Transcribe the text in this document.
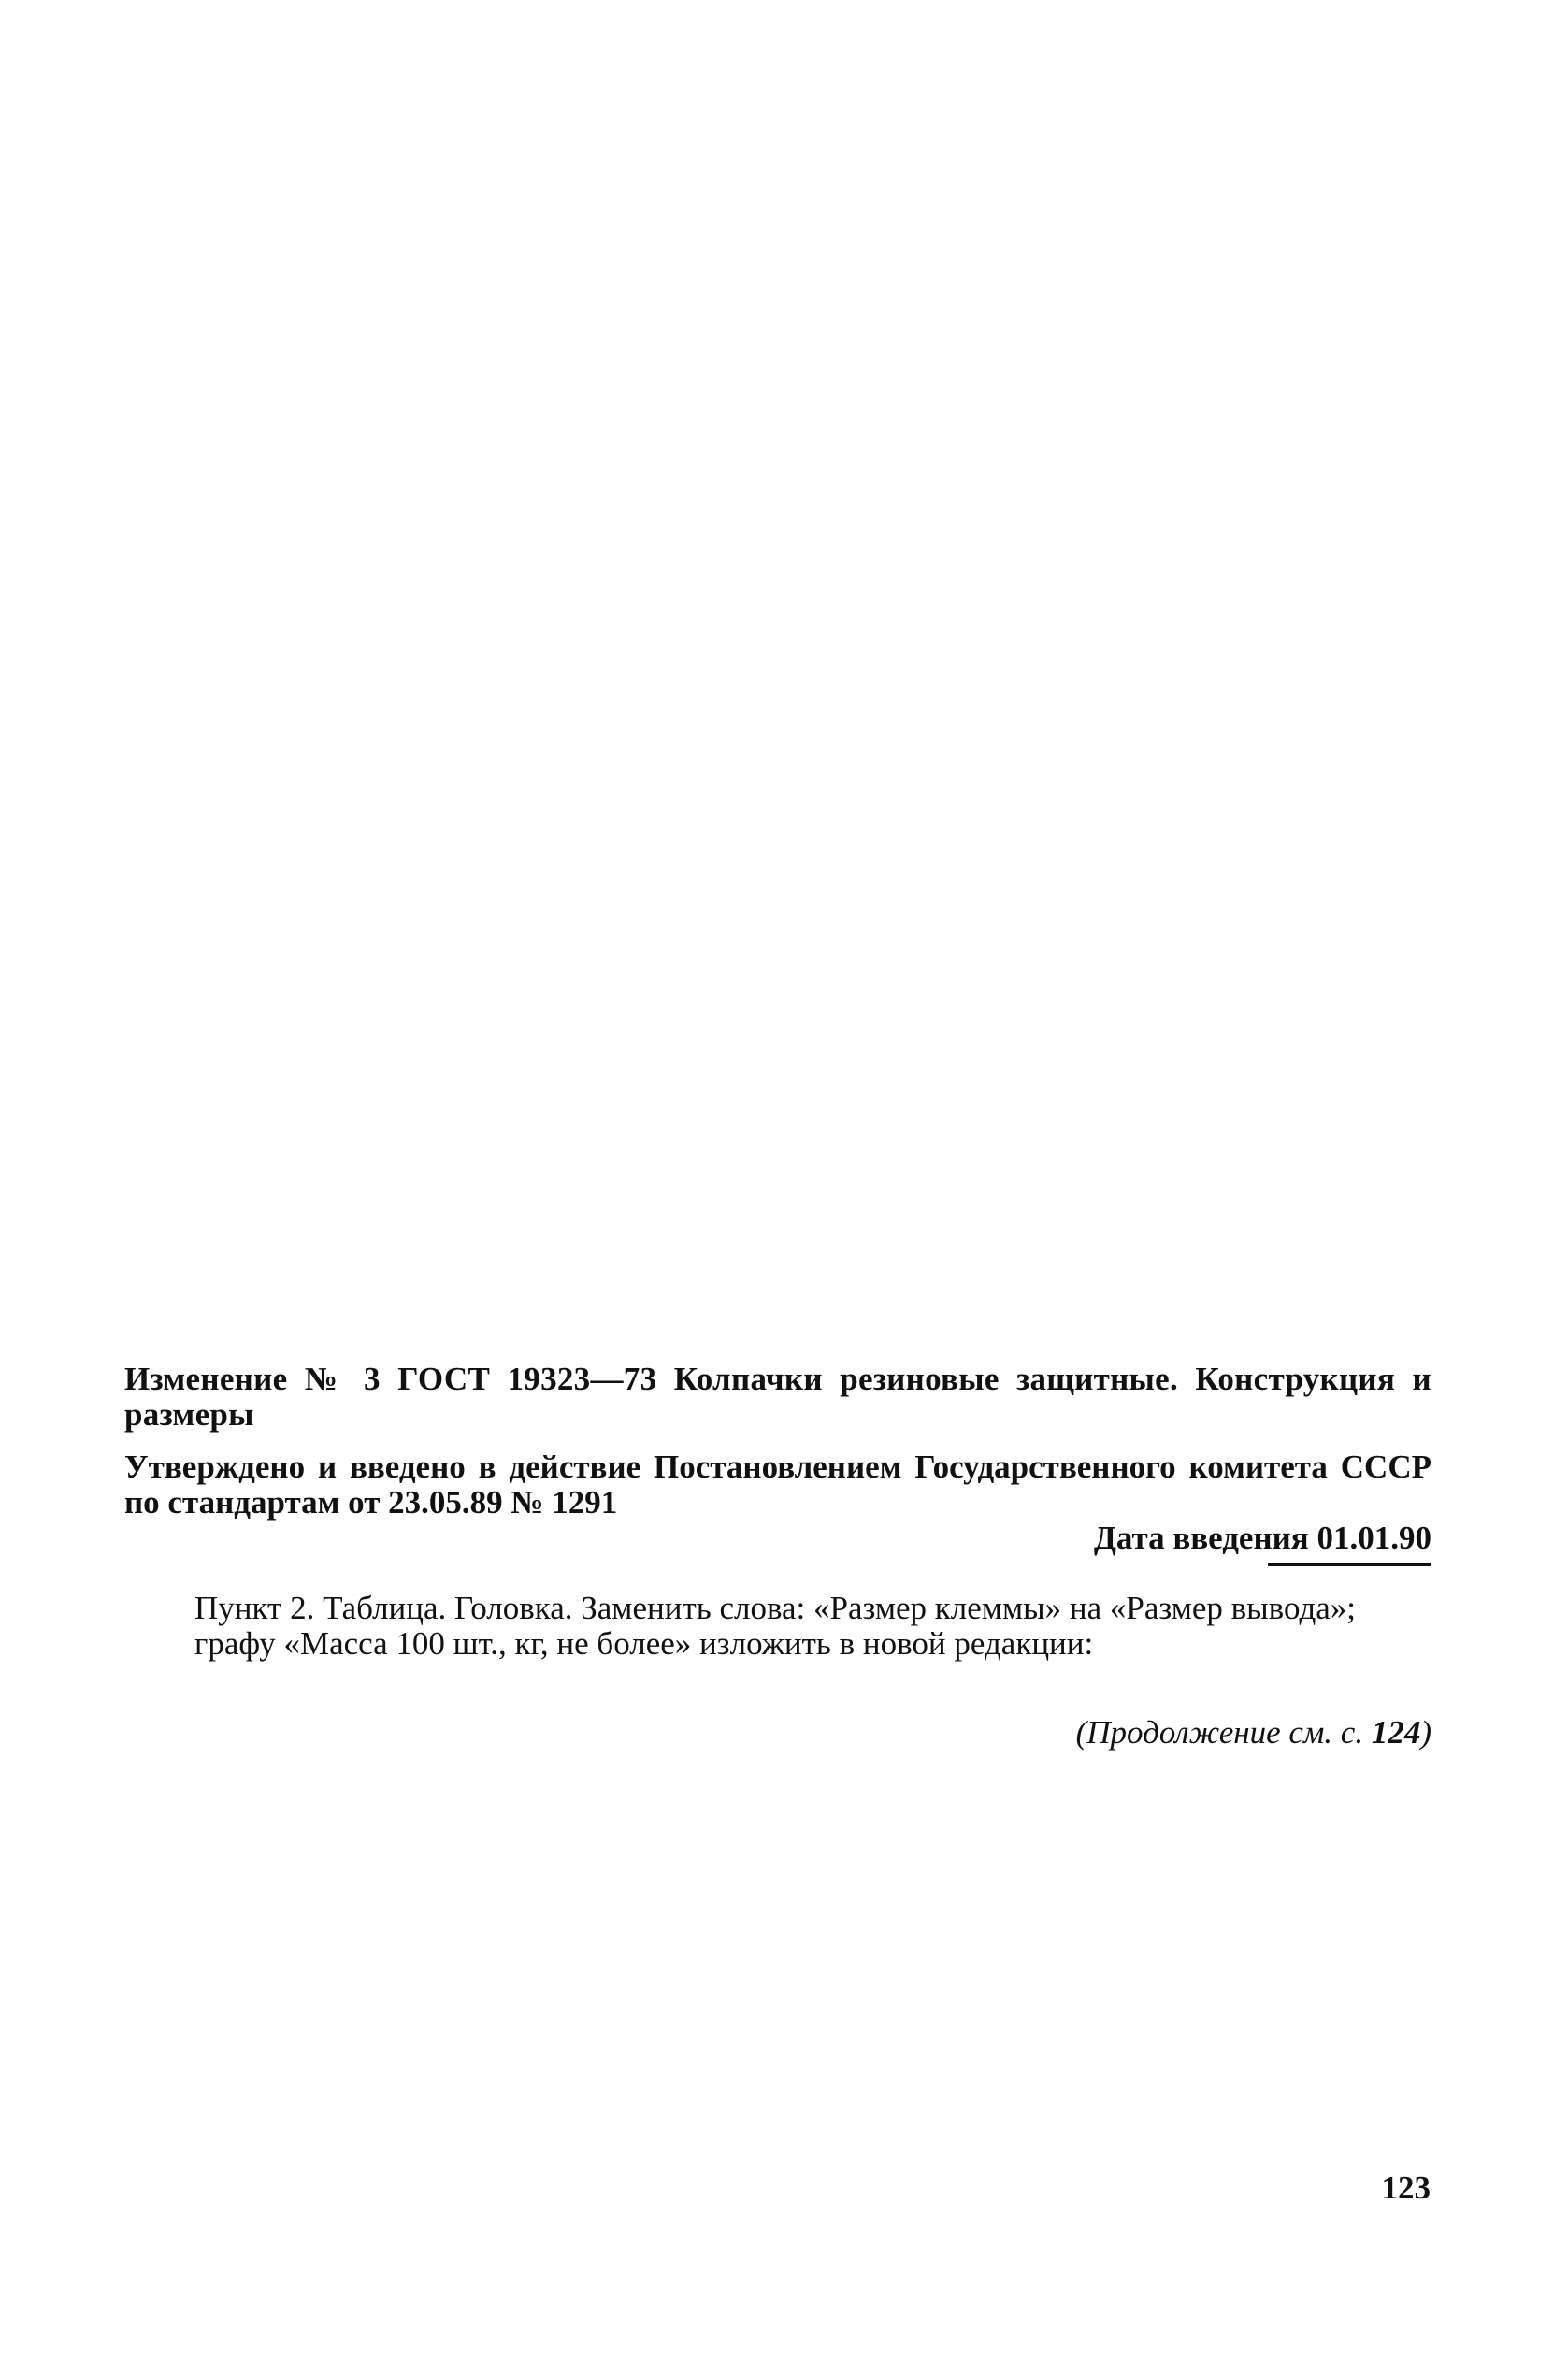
Изменение № 3 ГОСТ 19323—73 Колпачки резиновые защитные. Конструкция и размеры
Утверждено и введено в действие Постановлением Государственного комитета СССР по стандартам от 23.05.89 № 1291
Дата введения 01.01.90

Пункт 2. Таблица. Головка. Заменить слова: «Размер клеммы» на «Размер вывода»;

графу «Масса 100 шт., кг, не более» изложить в новой редакции:

(Продолжение см. с. 124)
123
